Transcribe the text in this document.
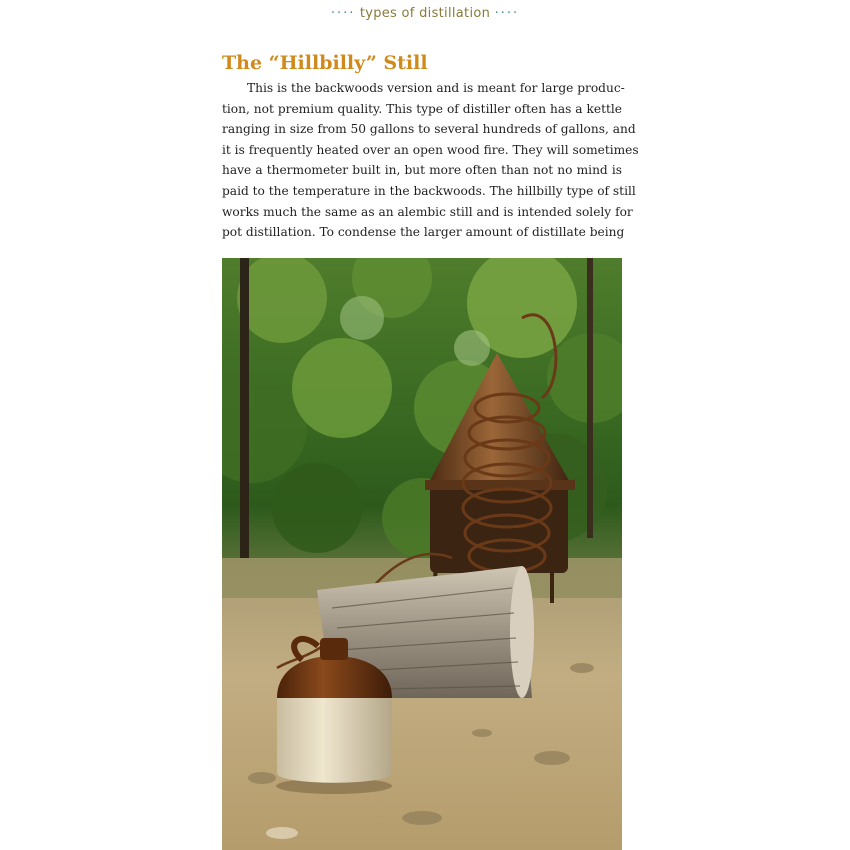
···· types of distillation ····
The “Hillbilly” Still

This is the backwoods version and is meant for large produc-
tion, not premium quality. This type of distiller often has a kettle
ranging in size from 50 gallons to several hundreds of gallons, and
it is frequently heated over an open wood fire. They will sometimes
have a thermometer built in, but more often than not no mind is
paid to the temperature in the backwoods. The hillbilly type of still
works much the same as an alembic still and is intended solely for
pot distillation. To condense the larger amount of distillate being
